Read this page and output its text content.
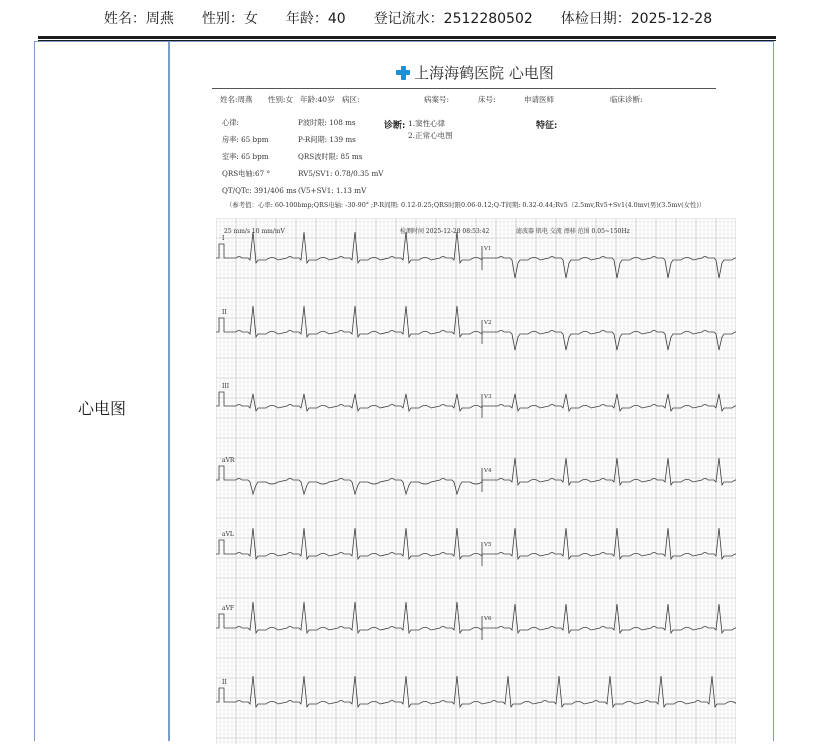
姓名：周燕 性别：女 年龄：40 登记流水：2512280502 体检日期：2025-12-28
心电图
上海海鹤医院 心电图
姓名:周燕 性别:女 年龄:40岁 病区:	病案号:	床号:	申请医师	临床诊断:
心律:
房率: 65 bpm
室率: 65 bpm
QRS电轴:67 °
QT/QTc: 391/406 ms
P波时限: 108 ms
P-R间期: 139 ms
QRS波时限: 85 ms
RV5/SV1: 0.78/0.35 mV
(V5+SV1: 1.13 mV
诊断: 1.窦性心律
2.正常心电图
特征:
（参考值：心率: 60-100bmp;QRS电轴: -30-90° ;P-R间期: 0.12-0.25;QRS时限0.06-0.12;Q-T间期: 0.32-0.44;Rv5（2.5mv,Rv5+Sv1(4.0mv(男)(3.5mv(女性)）
25 mm/s 10 mm/mV	检测时间 2025-12-28 08:53:42	滤波器 肌电 交流 漂移 范围 0.05~150Hz
I
V1
II
V2
III
V3
aVR
V4
aVL
V5
aVF
V6
II
